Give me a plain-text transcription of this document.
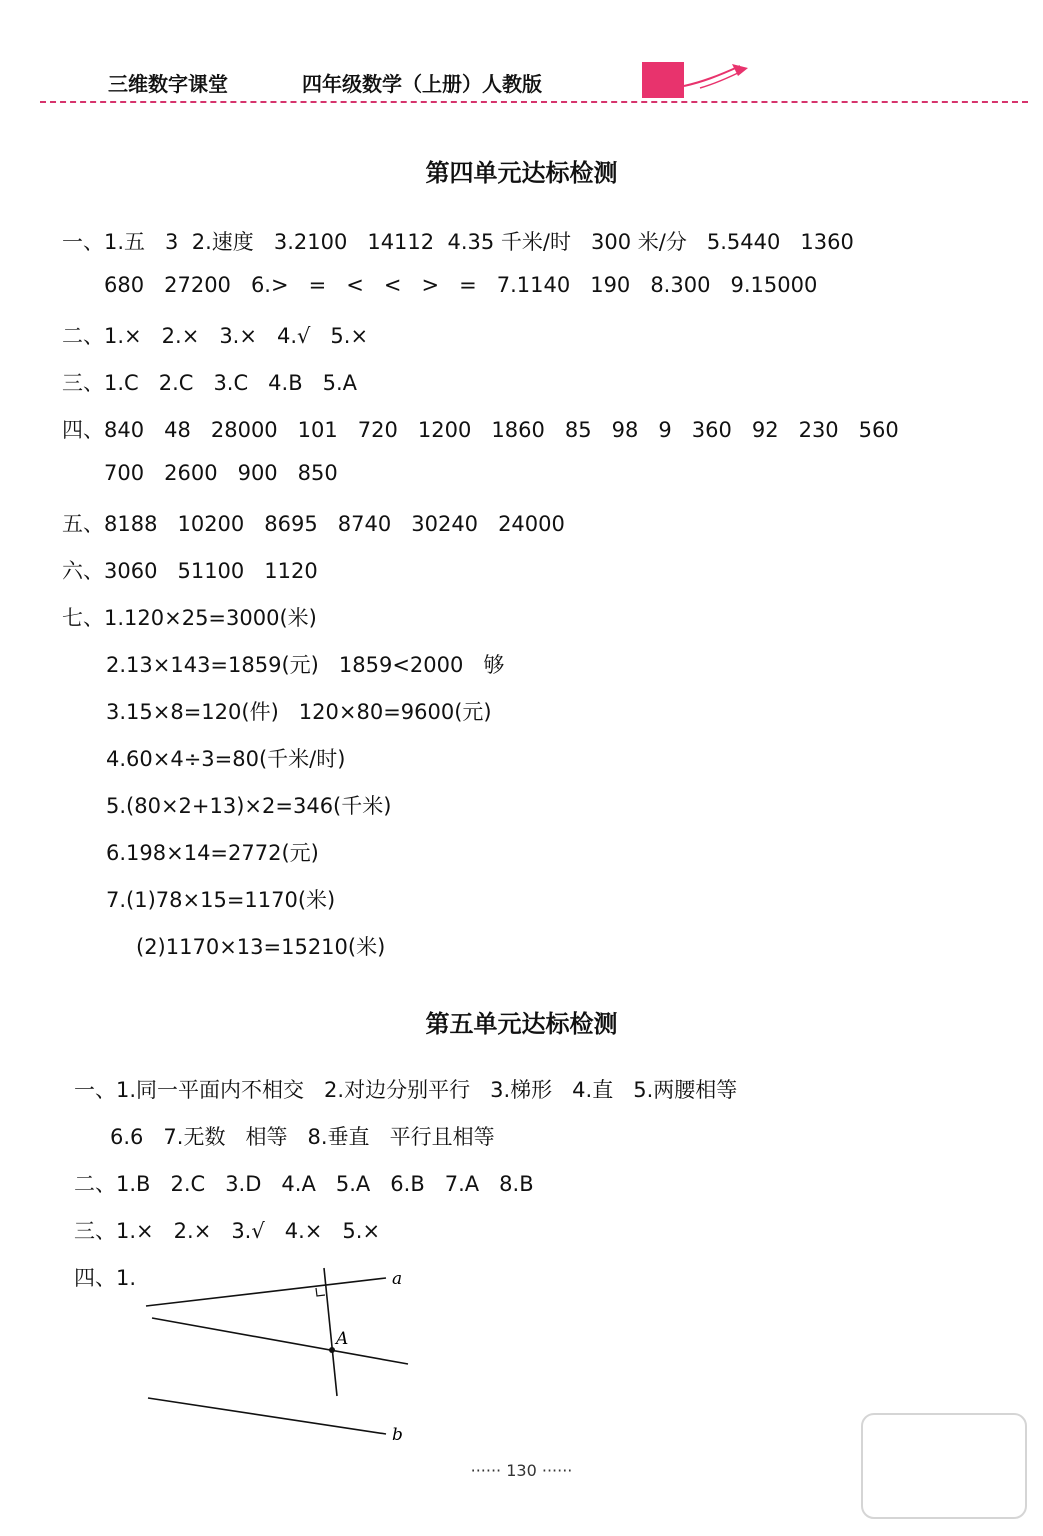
三维数字课堂	四年级数学（上册）人教版
第四单元达标检测
一、1.五   3  2.速度   3.2100   14112  4.35 千米/时   300 米/分   5.5440   1360
680   27200   6.>   =   <   <   >   =   7.1140   190   8.300   9.15000
二、1.×   2.×   3.×   4.√   5.×
三、1.C   2.C   3.C   4.B   5.A
四、840   48   28000   101   720   1200   1860   85   98   9   360   92   230   560
700   2600   900   850
五、8188   10200   8695   8740   30240   24000
六、3060   51100   1120
七、1.120×25=3000(米)
2.13×143=1859(元)   1859<2000   够
3.15×8=120(件)   120×80=9600(元)
4.60×4÷3=80(千米/时)
5.(80×2+13)×2=346(千米)
6.198×14=2772(元)
7.(1)78×15=1170(米)
(2)1170×13=15210(米)
第五单元达标检测
一、1.同一平面内不相交   2.对边分别平行   3.梯形   4.直   5.两腰相等
6.6   7.无数   相等   8.垂直   平行且相等
二、1.B   2.C   3.D   4.A   5.A   6.B   7.A   8.B
三、1.×   2.×   3.√   4.×   5.×
四、1.	a
A
b
······ 130 ······
